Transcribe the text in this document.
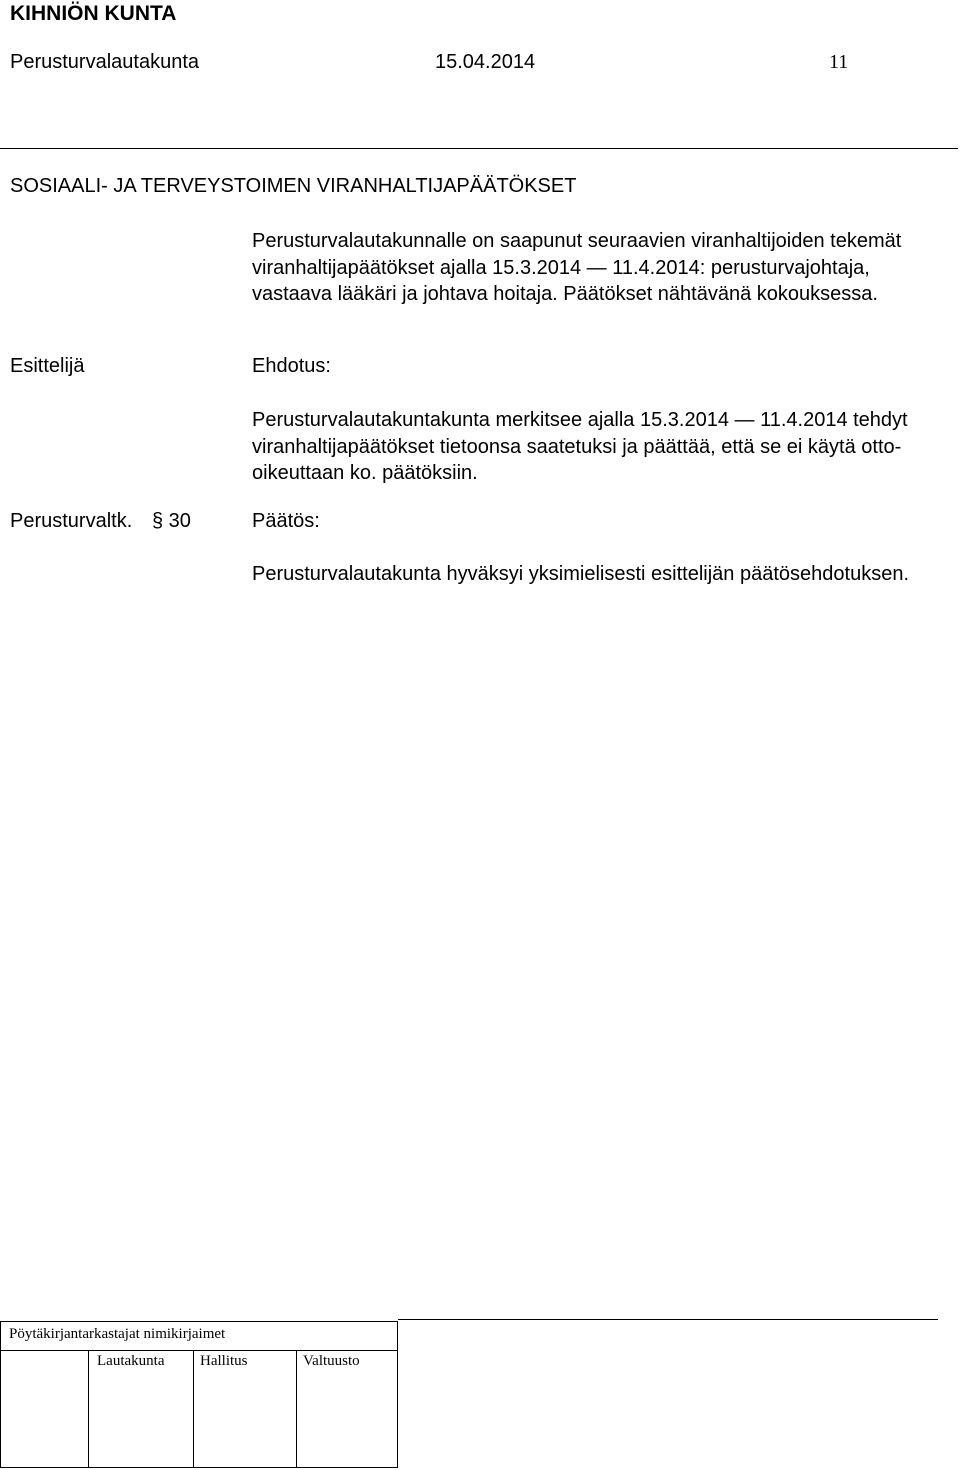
KIHNIÖN KUNTA
Perusturvalautakunta	15.04.2014	11
SOSIAALI- JA TERVEYSTOIMEN VIRANHALTIJAPÄÄTÖKSET
Perusturvalautakunnalle on saapunut seuraavien viranhaltijoiden tekemät viranhaltijapäätökset ajalla 15.3.2014 — 11.4.2014: perusturvajohtaja, vastaava lääkäri ja johtava hoitaja. Päätökset nähtävänä kokouksessa.
Esittelijä	Ehdotus:
Perusturvalautakuntakunta merkitsee ajalla 15.3.2014 — 11.4.2014 tehdyt viranhaltijapäätökset tietoonsa saatetuksi ja päättää, että se ei käytä otto-oikeuttaan ko. päätöksiin.
Perusturvaltk. § 30	Päätös:
Perusturvalautakunta hyväksyi yksimielisesti esittelijän päätösehdotuksen.
Pöytäkirjantarkastajat nimikirjaimet
Lautakunta Hallitus	Valtuusto
